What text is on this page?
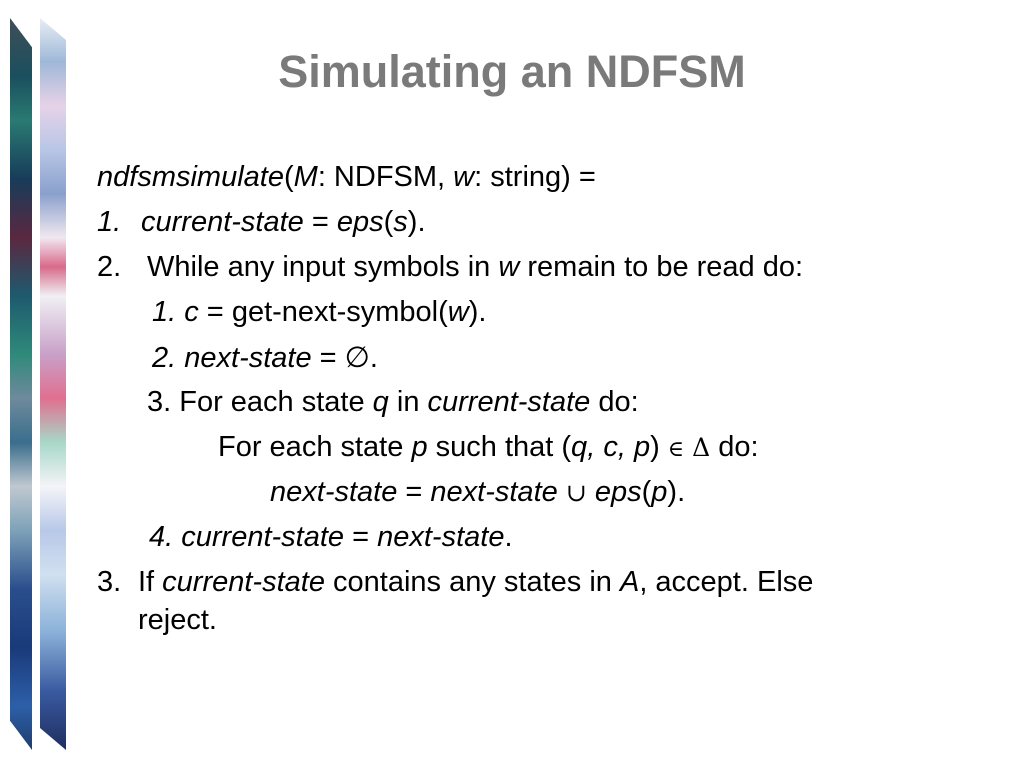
Simulating an NDFSM
ndfsmsimulate(M: NDFSM, w: string) =
1. current-state = eps(s).
2. While any input symbols in w remain to be read do:
1. c = get-next-symbol(w).
2. next-state = ∅.
3. For each state q in current-state do:
For each state p such that (q, c, p) ∈ Δ do:
next-state = next-state ∪ eps(p).
4. current-state = next-state.
3. If current-state contains any states in A, accept. Else
reject.
